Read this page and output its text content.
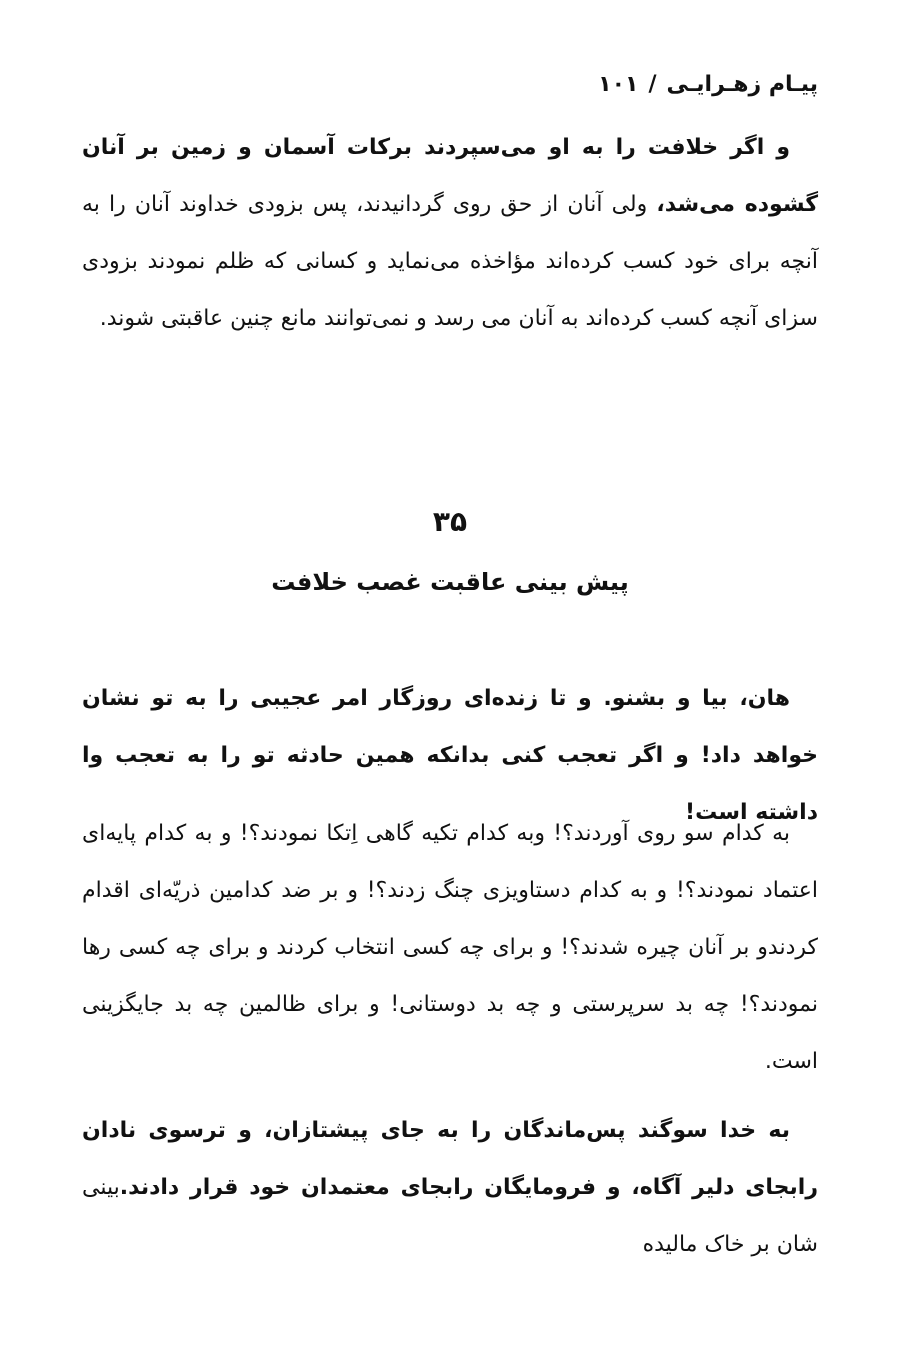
پیـام زهـرایـی/۱۰۱
و اگر خلافت را به او می‌سپردند برکات آسمان و زمین بر آنان گشوده می‌شد، ولی آنان از حق روی گردانیدند، پس بزودی خداوند آنان را به آنچه برای خود کسب کرده‌اند مؤاخذه می‌نماید و کسانی که ظلم نمودند بزودی سزای آنچه کسب کرده‌اند به آنان می رسد و نمی‌توانند مانع چنین عاقبتی شوند.
۳۵
پیش بینی عاقبت غصب خلافت
هان، بیا و بشنو. و تا زنده‌ای روزگار امر عجیبی را به تو نشان خواهد داد! و اگر تعجب کنی بدانکه همین حادثه تو را به تعجب وا داشته است!
به کدام سو روی آوردند؟! وبه کدام تکیه گاهی اِتکا نمودند؟! و به کدام پایه‌ای اعتماد نمودند؟! و به کدام دستاویزی چنگ زدند؟! و بر ضد کدامین ذریّه‌ای اقدام کردندو بر آنان چیره شدند؟! و برای چه کسی انتخاب کردند و برای چه کسی رها نمودند؟! چه بد سرپرستی و چه بد دوستانی! و برای ظالمین چه بد جایگزینی است.
به خدا سوگند پس‌ماندگان را به جای پیشتازان، و ترسوی نادان رابجای دلیر آگاه، و فرومایگان رابجای معتمدان خود قرار دادند.بینی شان بر خاک مالیده
